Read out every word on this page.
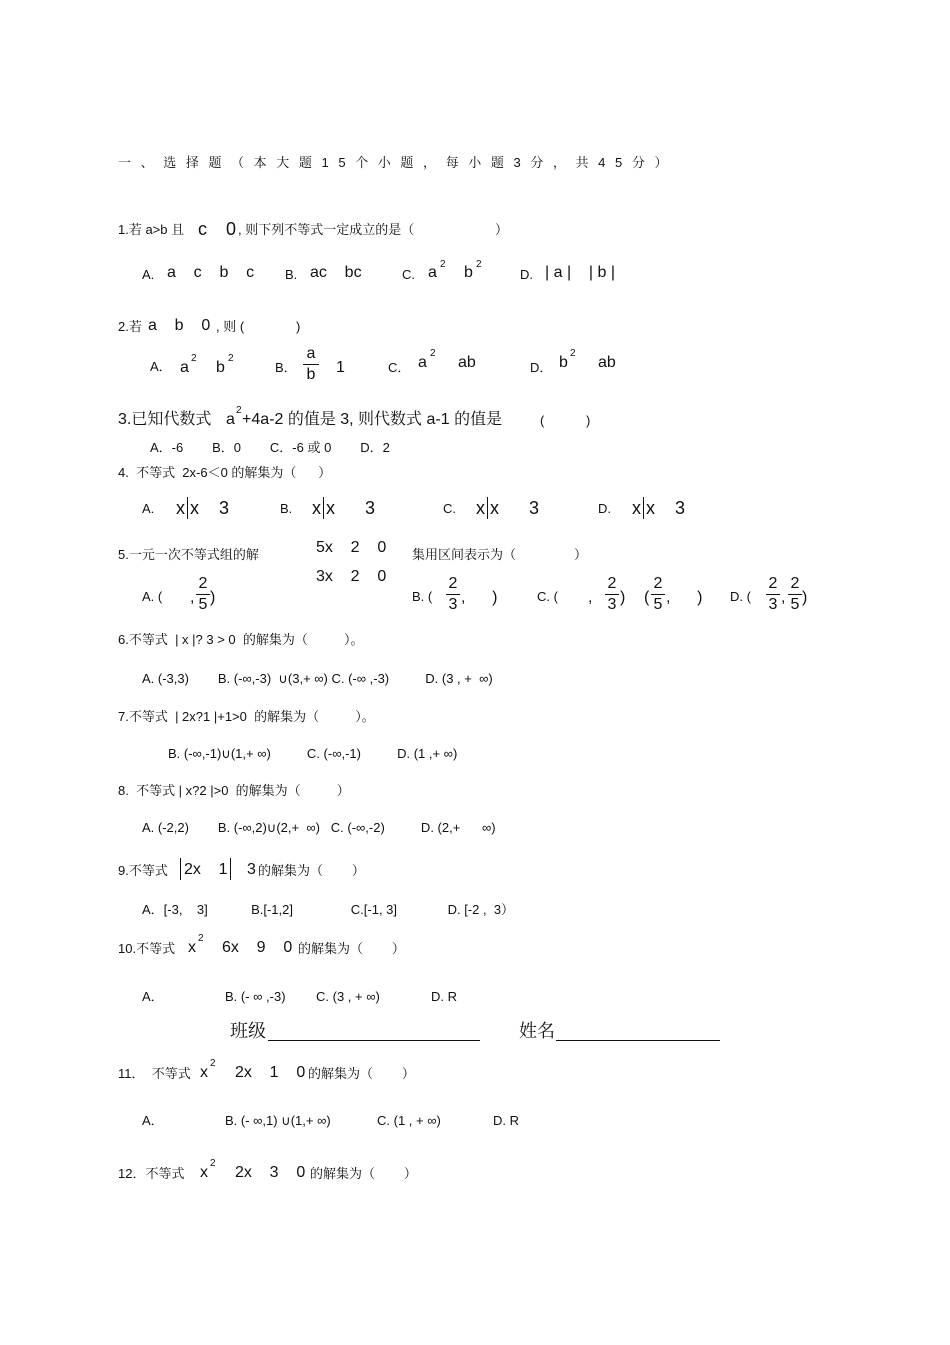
一 、 选 择 题 （ 本 大 题 1 5 个 小 题 ， 每 小 题 3 分 ， 共 4 5 分 ）
1.若 a>b 且 c 0 , 则下列不等式一定成立的是（	）
A. a    c    b    c B. ac    bc	C. a 2 b 2
D. | a |    | b |
2.若 a    b    0 , 则 (	)
A． a
2
b
2
B．
a
b 1	C． a
2
ab	D． b
2
ab
3.已知代数式 a
2
+4a-2 的值是 3, 则代数式 a-1 的值是	(	)
A．-6        B．0        C．-6 或 0        D．2
4.  不等式  2x-6＜0 的解集为（      ）
A. x x    3	B. x x      3	C. x x      3	D. x x    3
5.一元一次不等式组的解	5x    2    0
3x    2    0
集用区间表示为（	）
A. ( ,
2
5 )	B. (
2
3 ,      )	C. ( ,
2
3 ) (
2
5 ,      ) D. (
2
3 ,
2
5 )
6.不等式  | x |? 3 > 0  的解集为（          ）。
A. (-3,3)        B. (-∞,-3)  ∪(3,+ ∞) C. (-∞ ,-3)          D. (3 , +  ∞)
7.不等式  | 2x?1 |+1>0  的解集为（          ）。
B. (-∞,-1)∪(1,+ ∞)          C. (-∞,-1)          D. (1 ,+ ∞)
8.  不等式 | x?2 |>0  的解集为（          ）
A. (-2,2)        B. (-∞,2)∪(2,+  ∞)   C. (-∞,-2)          D. (2,+      ∞)
9.不等式 2x    1 3 的解集为（        ）
A．[-3,    3]            B.[-1,2]                C.[-1, 3]              D. [-2 ,  3）
10.不等式 x
2
6x    9    0 的解集为（        ）
A．	B. (- ∞ ,-3) C. (3 , + ∞)	D. R
班级	姓名
11．  不等式 x
2
2x    1    0 的解集为（        ）
A．	B. (- ∞,1) ∪(1,+ ∞)	C. (1 , + ∞)	D. R
12．不等式 x
2
2x    3    0 的解集为（        ）
